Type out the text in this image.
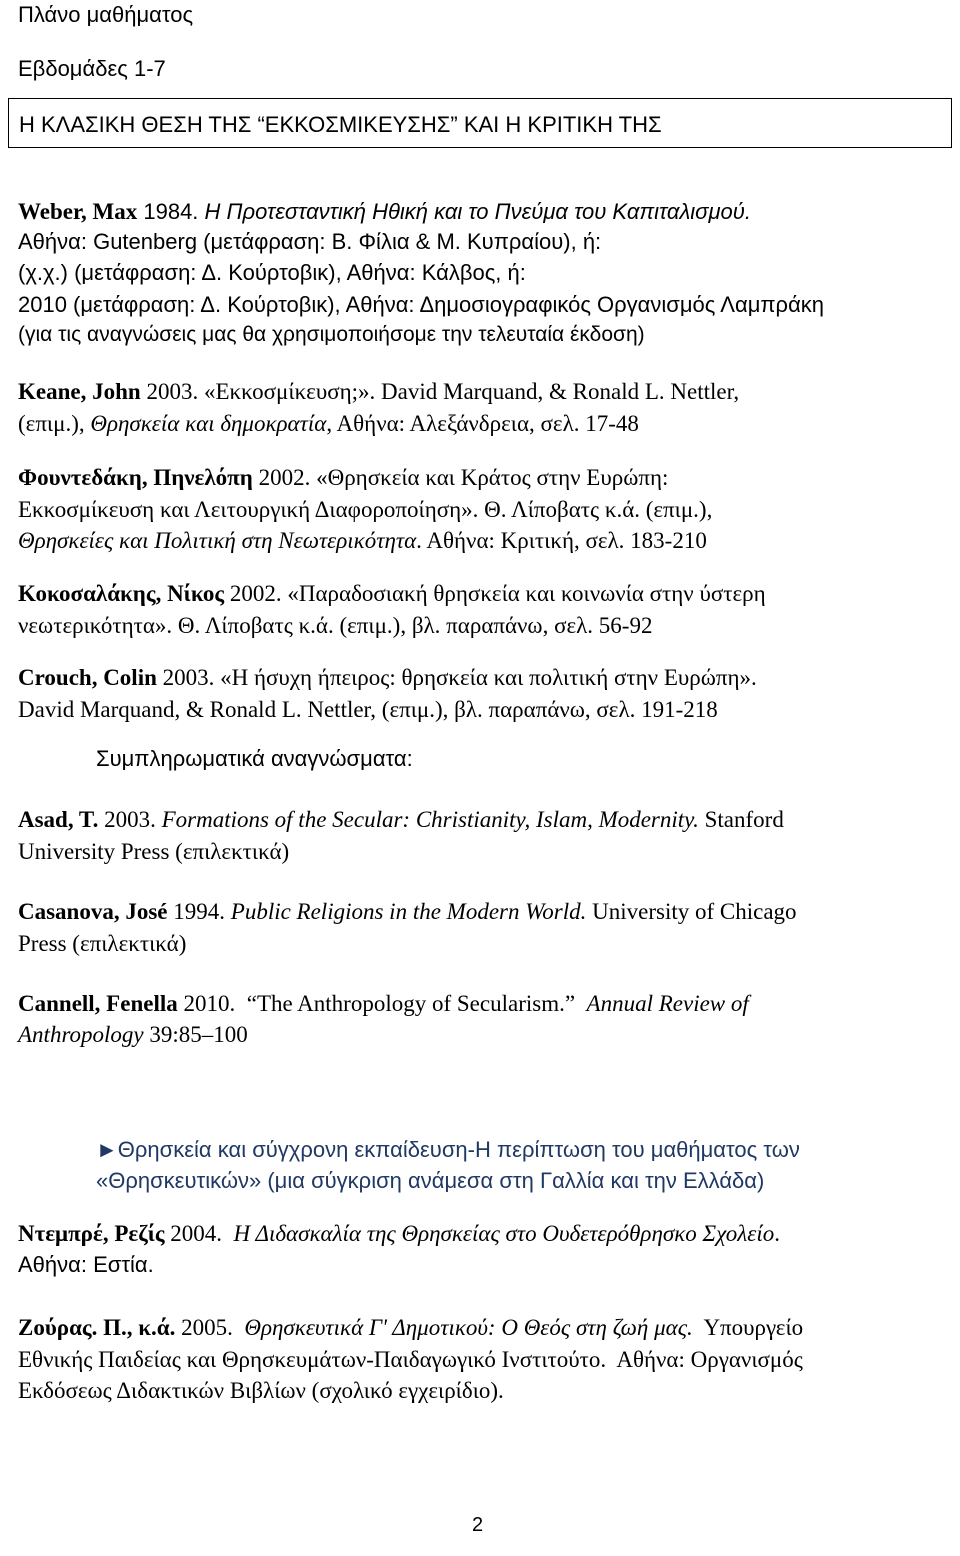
Πλάνο μαθήματος
Εβδομάδες 1-7
Η ΚΛΑΣΙΚΗ ΘΕΣΗ ΤΗΣ “ΕΚΚΟΣΜΙΚΕΥΣΗΣ” ΚΑΙ Η ΚΡΙΤΙΚΗ ΤΗΣ
Weber, Max 1984. Η Προτεσταντική Ηθική και το Πνεύμα του Καπιταλισμού.
Αθήνα: Gutenberg (μετάφραση: Β. Φίλια & Μ. Κυπραίου), ή:
(χ.χ.) (μετάφραση: Δ. Κούρτοβικ), Αθήνα: Κάλβος, ή:
2010 (μετάφραση: Δ. Κούρτοβικ), Αθήνα: Δημοσιογραφικός Οργανισμός Λαμπράκη
(για τις αναγνώσεις μας θα χρησιμοποιήσομε την τελευταία έκδοση)
Keane, John 2003. «Εκκοσμίκευση;». David Marquand, & Ronald L. Nettler,
(επιμ.), Θρησκεία και δημοκρατία, Αθήνα: Αλεξάνδρεια, σελ. 17-48
Φουντεδάκη, Πηνελόπη 2002. «Θρησκεία και Κράτος στην Ευρώπη:
Εκκοσμίκευση και Λειτουργική Διαφοροποίηση». Θ. Λίποβατς κ.ά. (επιμ.),
Θρησκείες και Πολιτική στη Νεωτερικότητα. Αθήνα: Κριτική, σελ. 183-210
Κοκοσαλάκης, Νίκος 2002. «Παραδοσιακή θρησκεία και κοινωνία στην ύστερη
νεωτερικότητα». Θ. Λίποβατς κ.ά. (επιμ.), βλ. παραπάνω, σελ. 56-92
Crouch, Colin 2003. «Η ήσυχη ήπειρος: θρησκεία και πολιτική στην Ευρώπη».
David Marquand, & Ronald L. Nettler, (επιμ.), βλ. παραπάνω, σελ. 191-218
Συμπληρωματικά αναγνώσματα:
Asad, T. 2003. Formations of the Secular: Christianity, Islam, Modernity. Stanford
University Press (επιλεκτικά)
Casanova, José 1994. Public Religions in the Modern World. University of Chicago
Press (επιλεκτικά)
Cannell, Fenella 2010.  “The Anthropology of Secularism.”  Annual Review of
Anthropology 39:85–100
►Θρησκεία και σύγχρονη εκπαίδευση-Η περίπτωση του μαθήματος των
«Θρησκευτικών» (μια σύγκριση ανάμεσα στη Γαλλία και την Ελλάδα)
Ντεμπρέ, Ρεζίς 2004.  Η Διδασκαλία της Θρησκείας στο Ουδετερόθρησκο Σχολείο.
Αθήνα: Εστία.
Ζούρας. Π., κ.ά. 2005.  Θρησκευτικά Γ' Δημοτικού: Ο Θεός στη ζωή μας.  Υπουργείο
Εθνικής Παιδείας και Θρησκευμάτων-Παιδαγωγικό Ινστιτούτο.  Αθήνα: Οργανισμός
Εκδόσεως Διδακτικών Βιβλίων (σχολικό εγχειρίδιο).
2
